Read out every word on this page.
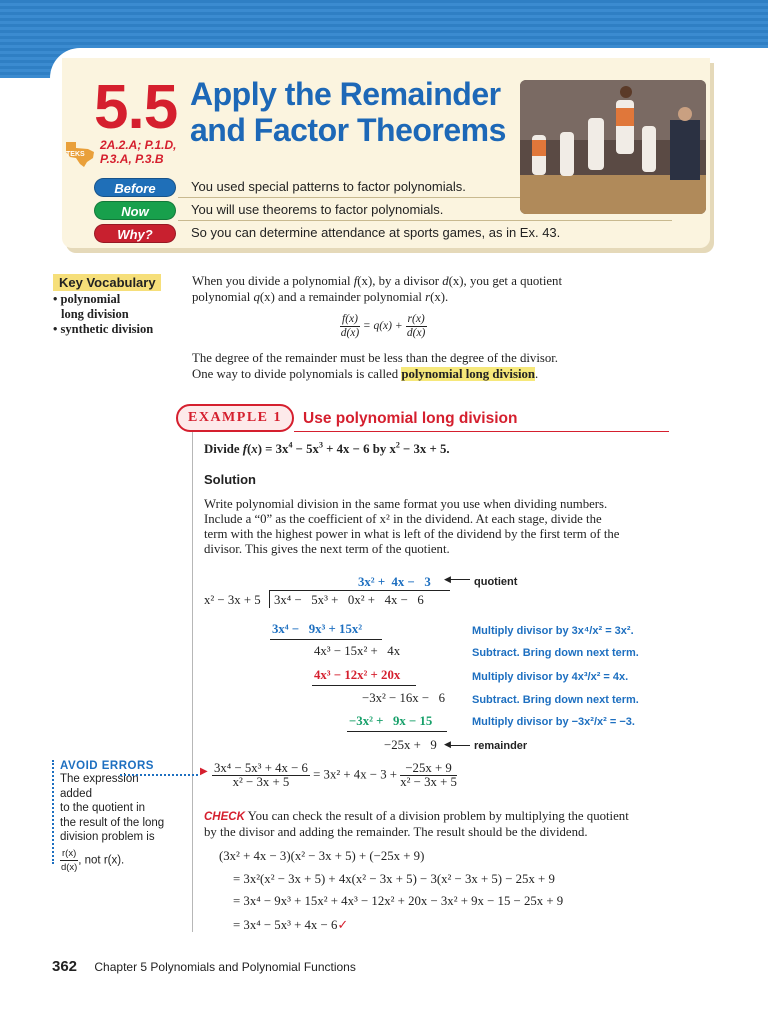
5.5 Apply the Remainder
and Factor Theorems
TEKS
2A.2.A; P.1.D,
P.3.A, P.3.B
Before	You used special patterns to factor polynomials.
Now	You will use theorems to factor polynomials.
Why?	So you can determine attendance at sports games, as in Ex. 43.
Key Vocabulary
• polynomial
long division
• synthetic division
When you divide a polynomial f(x), by a divisor d(x), you get a quotient
polynomial q(x) and a remainder polynomial r(x).
$\frac{f(x)}{d(x)} = q(x) + \frac{r(x)}{d(x)}$
The degree of the remainder must be less than the degree of the divisor.
One way to divide polynomials is called polynomial long division.
EXAMPLE 1 Use polynomial long division
Divide $f(x) = 3x^4 - 5x^3 + 4x - 6$ by $x^2 - 3x + 5$.
Solution
Write polynomial division in the same format you use when dividing numbers.
Include a “0” as the coefficient of x² in the dividend. At each stage, divide the
term with the highest power in what is left of the dividend by the first term of the
divisor. This gives the next term of the quotient.
3x² +  4x −   3 ◀ quotient
x² − 3x + 5 3x⁴ −   5x³ +   0x² +   4x −   6
3x⁴ −   9x³ + 15x²	Multiply divisor by 3x⁴/x² = 3x².
4x³ − 15x² +   4x	Subtract. Bring down next term.
4x³ − 12x² + 20x	Multiply divisor by 4x³/x² = 4x.
−3x² − 16x −   6 Subtract. Bring down next term.
−3x² +   9x − 15	Multiply divisor by −3x²/x² = −3.
−25x +   9 ◀ remainder
▶ $\frac{\text{3x⁴ − 5x³ + 4x − 6}}{\text{x² − 3x + 5}} = 3x^2 + 4x - 3 + \frac{-25x + 9}{\text{x² − 3x + 5}}$
AVOID ERRORS
The expression added
to the quotient in
the result of the long
division problem is
$\frac{r(x)}{d(x)}$ , not r(x).
CHECK You can check the result of a division problem by multiplying the quotient
by the divisor and adding the remainder. The result should be the dividend.
(3x² + 4x − 3)(x² − 3x + 5) + (−25x + 9)
= 3x²(x² − 3x + 5) + 4x(x² − 3x + 5) − 3(x² − 3x + 5) − 25x + 9
= 3x⁴ − 9x³ + 15x² + 4x³ − 12x² + 20x − 3x² + 9x − 15 − 25x + 9
= 3x⁴ − 5x³ + 4x − 6✓
362 Chapter 5 Polynomials and Polynomial Functions
